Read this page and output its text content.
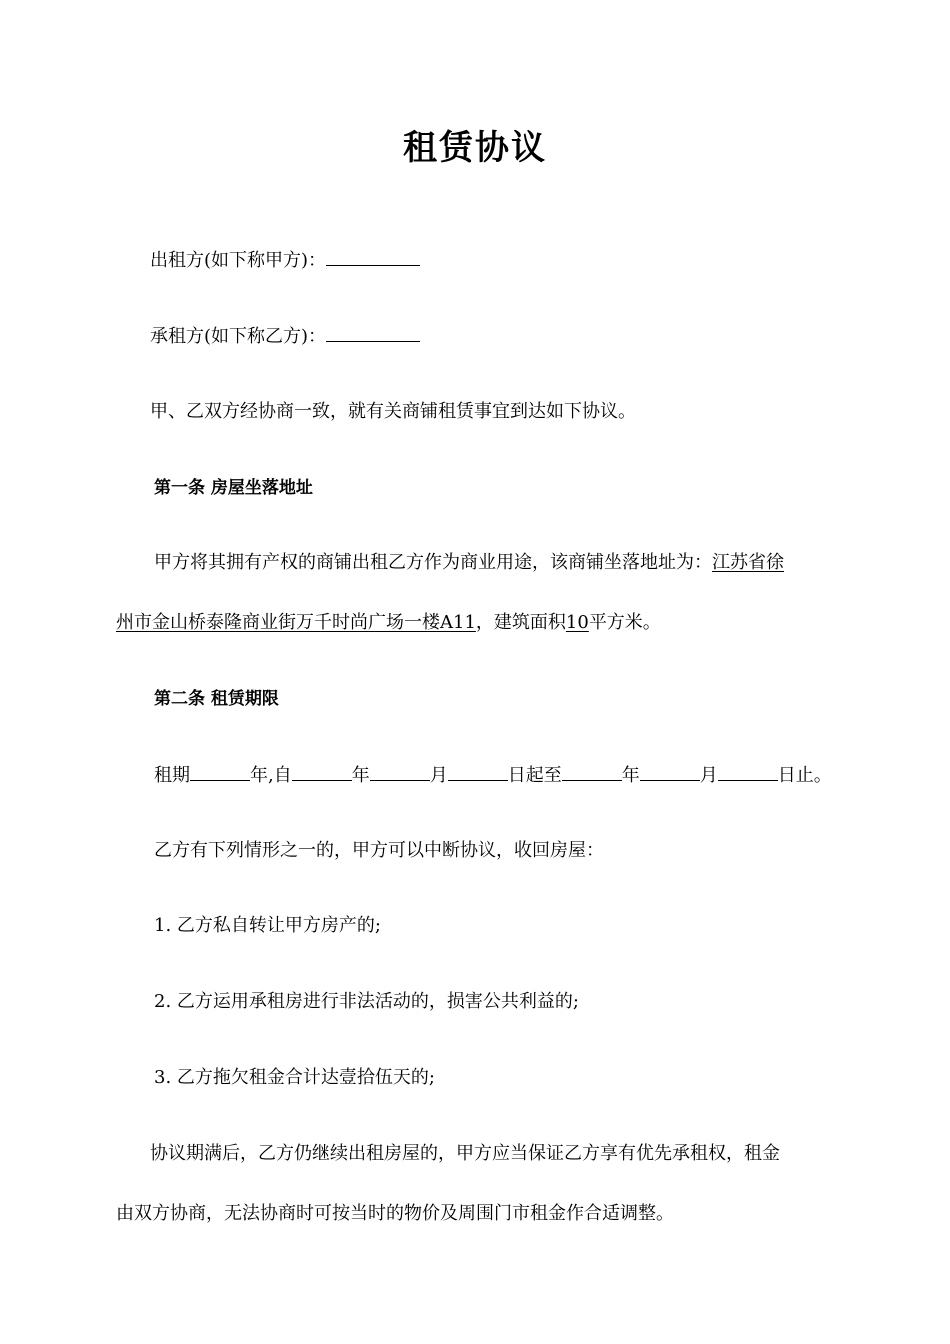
租赁协议
出租方(如下称甲方)：
承租方(如下称乙方)：
甲、乙双方经协商一致，就有关商铺租赁事宜到达如下协议。
第一条 房屋坐落地址
甲方将其拥有产权的商铺出租乙方作为商业用途，该商铺坐落地址为：江苏省徐
州市金山桥泰隆商业街万千时尚广场一楼A11，建筑面积10平方米。
第二条 租赁期限
租期	年,自	年	月	日起至	年	月	日止。
乙方有下列情形之一的，甲方可以中断协议，收回房屋：
1. 乙方私自转让甲方房产的;
2. 乙方运用承租房进行非法活动的，损害公共利益的;
3. 乙方拖欠租金合计达壹拾伍天的;
协议期满后，乙方仍继续出租房屋的，甲方应当保证乙方享有优先承租权，租金
由双方协商，无法协商时可按当时的物价及周围门市租金作合适调整。
